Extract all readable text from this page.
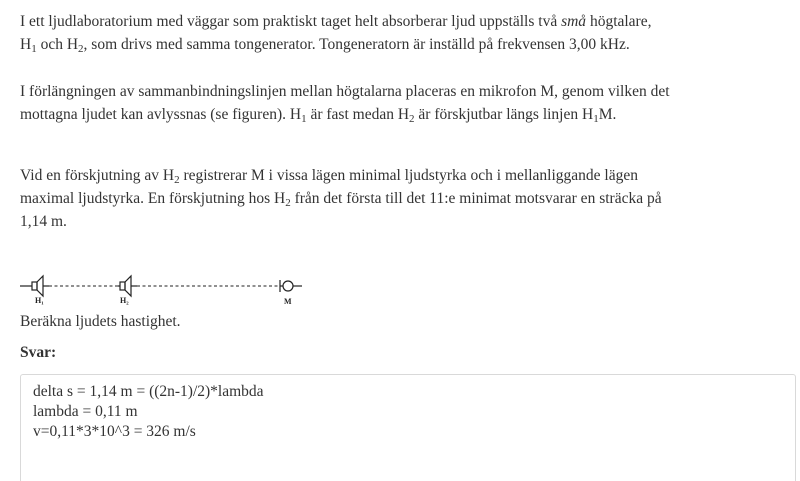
I ett ljudlaboratorium med väggar som praktiskt taget helt absorberar ljud uppställs två små högtalare,
$H_1$ och $H_2$, som drivs med samma tongenerator. Tongeneratorn är inställd på frekvensen 3,00 kHz.

I förlängningen av sammanbindningslinjen mellan högtalarna placeras en mikrofon M, genom vilken det
mottagna ljudet kan avlyssnas (se figuren). $H_1$ är fast medan $H_2$ är förskjutbar längs linjen $H_1M$.

Vid en förskjutning av $H_2$ registrerar M i vissa lägen minimal ljudstyrka och i mellanliggande lägen
maximal ljudstyrka. En förskjutning hos $H_2$ från det första till det 11:e minimat motsvarar en sträcka på
1,14 m.

H₁	H₂	M

Beräkna ljudets hastighet.

Svar:

delta s = 1,14 m = ((2n-1)/2)*lambda
lambda = 0,11 m
v=0,11*3*10^3 = 326 m/s
